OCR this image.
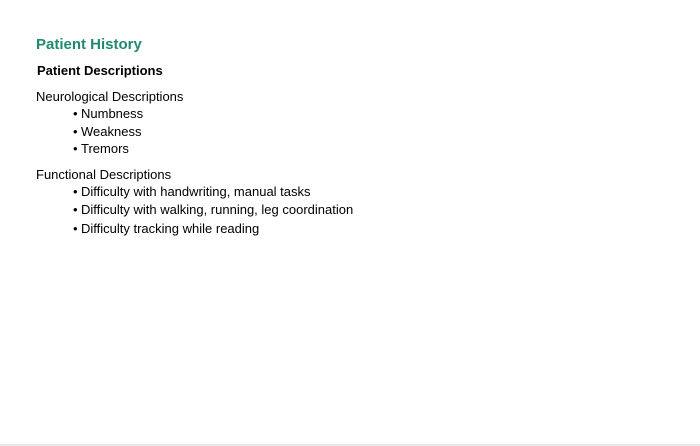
Patient History
Patient Descriptions

Neurological Descriptions

• Numbness
• Weakness
• Tremors

Functional Descriptions

• Difficulty with handwriting, manual tasks
• Difficulty with walking, running, leg coordination
• Difficulty tracking while reading
